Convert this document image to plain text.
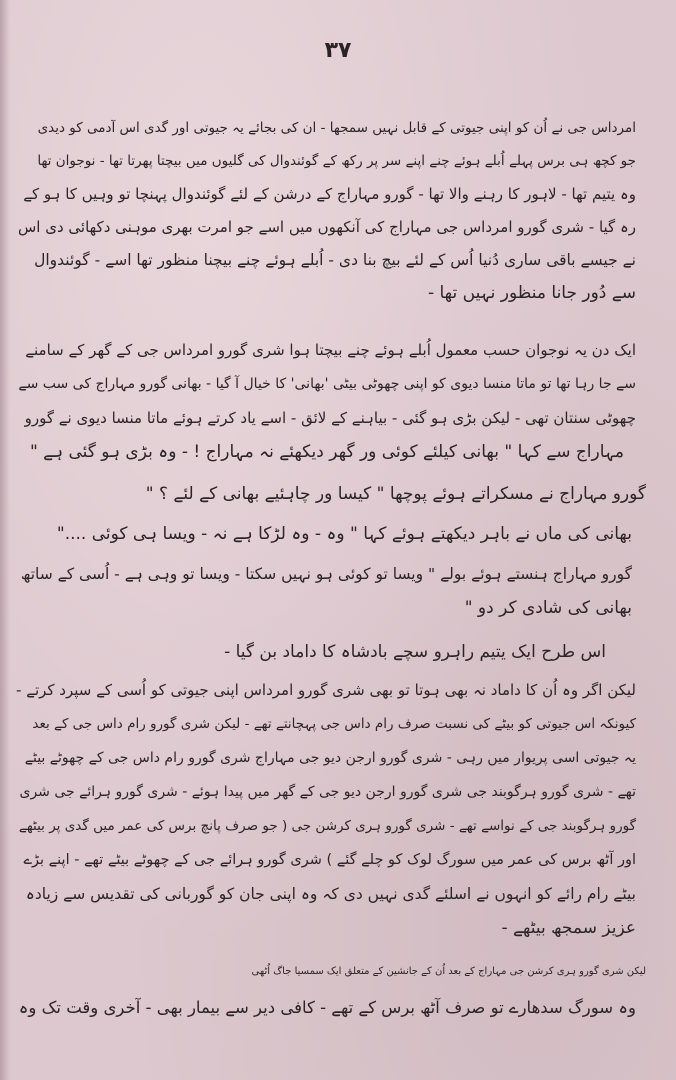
۳۷
امرداس جی نے اُن کو اپنی جیوتی کے قابل نہیں سمجھا - ان کی بجائے یہ جیوتی اور گدی اس آدمی کو دیدی
جو کچھ ہی برس پہلے اُبلے ہوئے چنے اپنے سر پر رکھ کے گوئندوال کی گلیوں میں بیچتا پھرتا تھا - نوجوان تھا
وہ یتیم تھا - لاہور کا رہنے والا تھا - گورو مہاراج کے درشن کے لئے گوئندوال پہنچا تو وہیں کا ہو کے
رہ گیا - شری گورو امرداس جی مہاراج کی آنکھوں میں اسے جو امرت بھری موہنی دکھائی دی اس
نے جیسے باقی ساری دُنیا اُس کے لئے بیچ بنا دی - اُبلے ہوئے چنے بیچنا منظور تھا اسے - گوئندوال
سے دُور جانا منظور نہیں تھا -
ایک دن یہ نوجوان حسب معمول اُبلے ہوئے چنے بیچتا ہوا شری گورو امرداس جی کے گھر کے سامنے
سے جا رہا تھا تو ماتا منسا دیوی کو اپنی چھوٹی بیٹی 'بھانی' کا خیال آ گیا - بھانی گورو مہاراج کی سب سے
چھوٹی سنتان تھی - لیکن بڑی ہو گئی - بیاہنے کے لائق - اسے یاد کرتے ہوئے ماتا منسا دیوی نے گورو
مہاراج سے کہا " بھانی کیلئے کوئی ور گھر دیکھئے نہ مہاراج ! - وہ بڑی ہو گئی ہے "
گورو مہاراج نے مسکراتے ہوئے پوچھا " کیسا ور چاہئیے بھانی کے لئے ؟ "
بھانی کی ماں نے باہر دیکھتے ہوئے کہا " وہ - وہ لڑکا ہے نہ - ویسا ہی کوئی ...."
گورو مہاراج ہنستے ہوئے بولے " ویسا تو کوئی ہو نہیں سکتا - ویسا تو وہی ہے - اُسی کے ساتھ
بھانی کی شادی کر دو "
اس طرح ایک یتیم راہرو سچے بادشاہ کا داماد بن گیا -
لیکن اگر وہ اُن کا داماد نہ بھی ہوتا تو بھی شری گورو امرداس اپنی جیوتی کو اُسی کے سپرد کرتے -
کیونکہ اس جیوتی کو بیٹے کی نسبت صرف رام داس جی پہچانتے تھے - لیکن شری گورو رام داس جی کے بعد
یہ جیوتی اسی پریوار میں رہی - شری گورو ارجن دیو جی مہاراج شری گورو رام داس جی کے چھوٹے بیٹے
تھے - شری گورو ہرگوبند جی شری گورو ارجن دیو جی کے گھر میں پیدا ہوئے - شری گورو ہرائے جی شری
گورو ہرگوبند جی کے نواسے تھے - شری گورو ہری کرشن جی ( جو صرف پانچ برس کی عمر میں گدی پر بیٹھے
اور آٹھ برس کی عمر میں سورگ لوک کو چلے گئے ) شری گورو ہرائے جی کے چھوٹے بیٹے تھے - اپنے بڑے
بیٹے رام رائے کو انہوں نے اسلئے گدی نہیں دی کہ وہ اپنی جان کو گوربانی کی تقدیس سے زیادہ
عزیز سمجھ بیٹھے -
لیکن شری گورو ہری کرشن جی مہاراج کے بعد اُن کے جانشین کے متعلق ایک سمسیا جاگ اُٹھی
وہ سورگ سدھارے تو صرف آٹھ برس کے تھے - کافی دیر سے بیمار بھی - آخری وقت تک وہ
